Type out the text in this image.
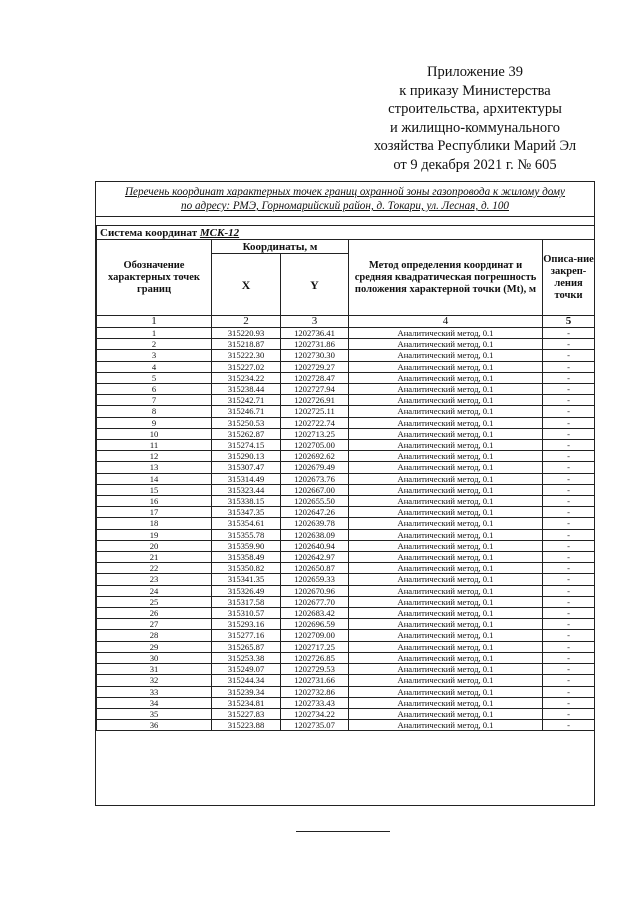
Приложение 39
к приказу Министерства
строительства, архитектуры
и жилищно-коммунального
хозяйства Республики Марий Эл
от 9 декабря 2021 г. № 605
Перечень координат характерных точек границ охранной зоны газопровода к жилому дому
по адресу: РМЭ, Горномарийский район, д. Токари, ул. Лесная, д. 100
Система координат МСК-12				
Обозначение характерных точек границ	Координаты, м		Метод определения координат и средняя квадратическая погрешность положения характерной точки (Mt), м	Описа-ние закреп-ления точки
	X	Y		
1	2	3	4	5
1	315220.93	1202736.41	Аналитический метод, 0.1	-
2	315218.87	1202731.86	Аналитический метод, 0.1	-
3	315222.30	1202730.30	Аналитический метод, 0.1	-
4	315227.02	1202729.27	Аналитический метод, 0.1	-
5	315234.22	1202728.47	Аналитический метод, 0.1	-
6	315238.44	1202727.94	Аналитический метод, 0.1	-
7	315242.71	1202726.91	Аналитический метод, 0.1	-
8	315246.71	1202725.11	Аналитический метод, 0.1	-
9	315250.53	1202722.74	Аналитический метод, 0.1	-
10	315262.87	1202713.25	Аналитический метод, 0.1	-
11	315274.15	1202705.00	Аналитический метод, 0.1	-
12	315290.13	1202692.62	Аналитический метод, 0.1	-
13	315307.47	1202679.49	Аналитический метод, 0.1	-
14	315314.49	1202673.76	Аналитический метод, 0.1	-
15	315323.44	1202667.00	Аналитический метод, 0.1	-
16	315338.15	1202655.50	Аналитический метод, 0.1	-
17	315347.35	1202647.26	Аналитический метод, 0.1	-
18	315354.61	1202639.78	Аналитический метод, 0.1	-
19	315355.78	1202638.09	Аналитический метод, 0.1	-
20	315359.90	1202640.94	Аналитический метод, 0.1	-
21	315358.49	1202642.97	Аналитический метод, 0.1	-
22	315350.82	1202650.87	Аналитический метод, 0.1	-
23	315341.35	1202659.33	Аналитический метод, 0.1	-
24	315326.49	1202670.96	Аналитический метод, 0.1	-
25	315317.58	1202677.70	Аналитический метод, 0.1	-
26	315310.57	1202683.42	Аналитический метод, 0.1	-
27	315293.16	1202696.59	Аналитический метод, 0.1	-
28	315277.16	1202709.00	Аналитический метод, 0.1	-
29	315265.87	1202717.25	Аналитический метод, 0.1	-
30	315253.38	1202726.85	Аналитический метод, 0.1	-
31	315249.07	1202729.53	Аналитический метод, 0.1	-
32	315244.34	1202731.66	Аналитический метод, 0.1	-
33	315239.34	1202732.86	Аналитический метод, 0.1	-
34	315234.81	1202733.43	Аналитический метод, 0.1	-
35	315227.83	1202734.22	Аналитический метод, 0.1	-
36	315223.88	1202735.07	Аналитический метод, 0.1	-
